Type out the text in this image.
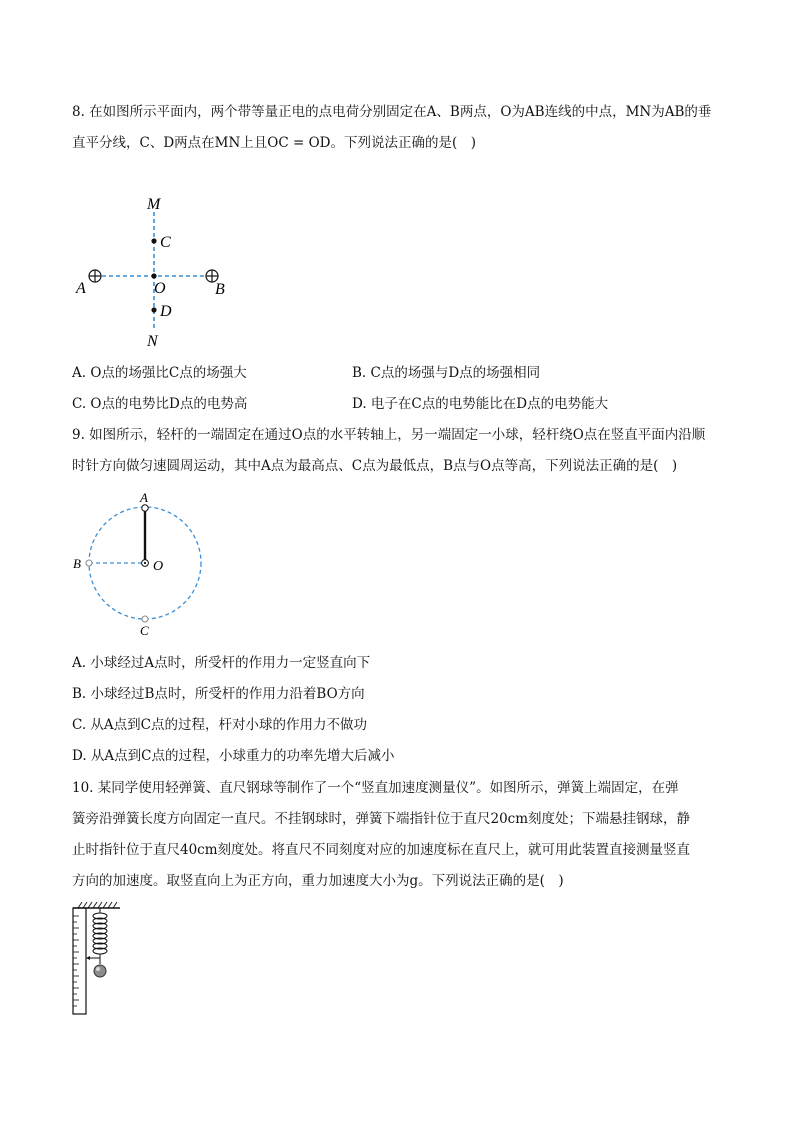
8. 在如图所示平面内，两个带等量正电的点电荷分别固定在A、B两点，O为AB连线的中点，MN为AB的垂
直平分线，C、D两点在MN上且OC = OD。下列说法正确的是(　)
M
C
A	O	B
D
N
A. O点的场强比C点的场强大	B. C点的场强与D点的场强相同
C. O点的电势比D点的电势高	D. 电子在C点的电势能比在D点的电势能大
9. 如图所示，轻杆的一端固定在通过O点的水平转轴上，另一端固定一小球，轻杆绕O点在竖直平面内沿顺
时针方向做匀速圆周运动，其中A点为最高点、C点为最低点，B点与O点等高，下列说法正确的是(　)
A
B	O
C
A. 小球经过A点时，所受杆的作用力一定竖直向下
B. 小球经过B点时，所受杆的作用力沿着BO方向
C. 从A点到C点的过程，杆对小球的作用力不做功
D. 从A点到C点的过程，小球重力的功率先增大后减小
10. 某同学使用轻弹簧、直尺钢球等制作了一个“竖直加速度测量仪”。如图所示，弹簧上端固定，在弹
簧旁沿弹簧长度方向固定一直尺。不挂钢球时，弹簧下端指针位于直尺20cm刻度处；下端悬挂钢球，静
止时指针位于直尺40cm刻度处。将直尺不同刻度对应的加速度标在直尺上，就可用此装置直接测量竖直
方向的加速度。取竖直向上为正方向，重力加速度大小为g。下列说法正确的是(　)
